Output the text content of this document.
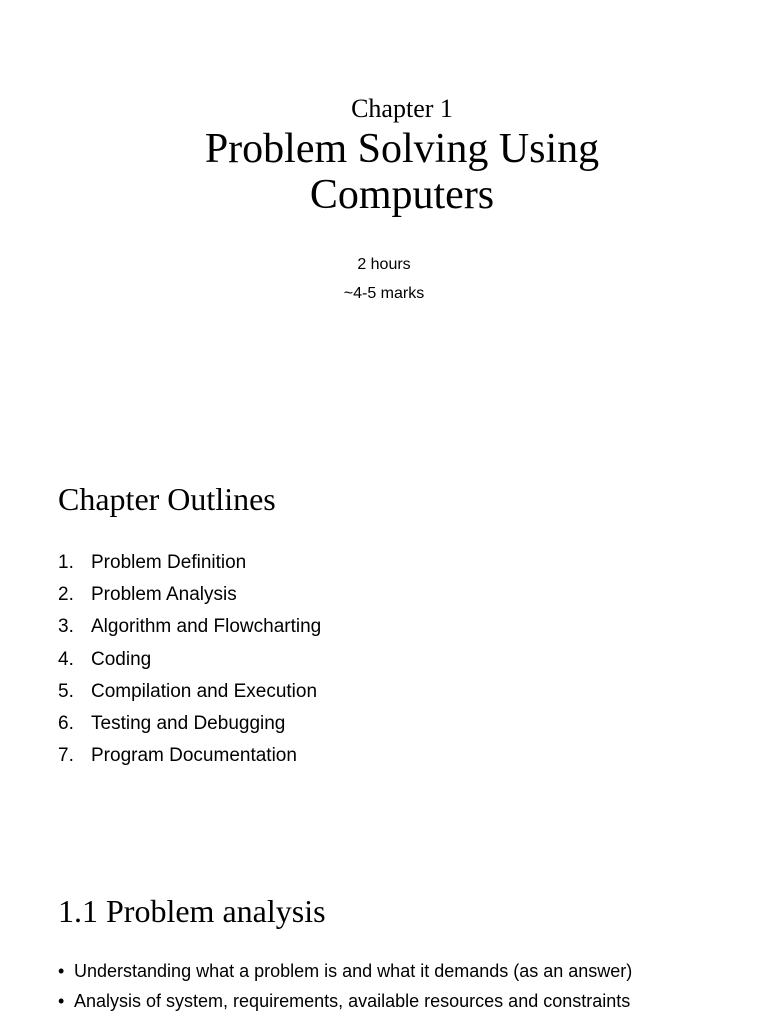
Chapter 1
Problem Solving Using
Computers
2 hours
~4-5 marks
Chapter Outlines
1. Problem Definition
2. Problem Analysis
3. Algorithm and Flowcharting
4. Coding
5. Compilation and Execution
6. Testing and Debugging
7. Program Documentation
1.1 Problem analysis
• Understanding what a problem is and what it demands (as an answer)
• Analysis of system, requirements, available resources and constraints
